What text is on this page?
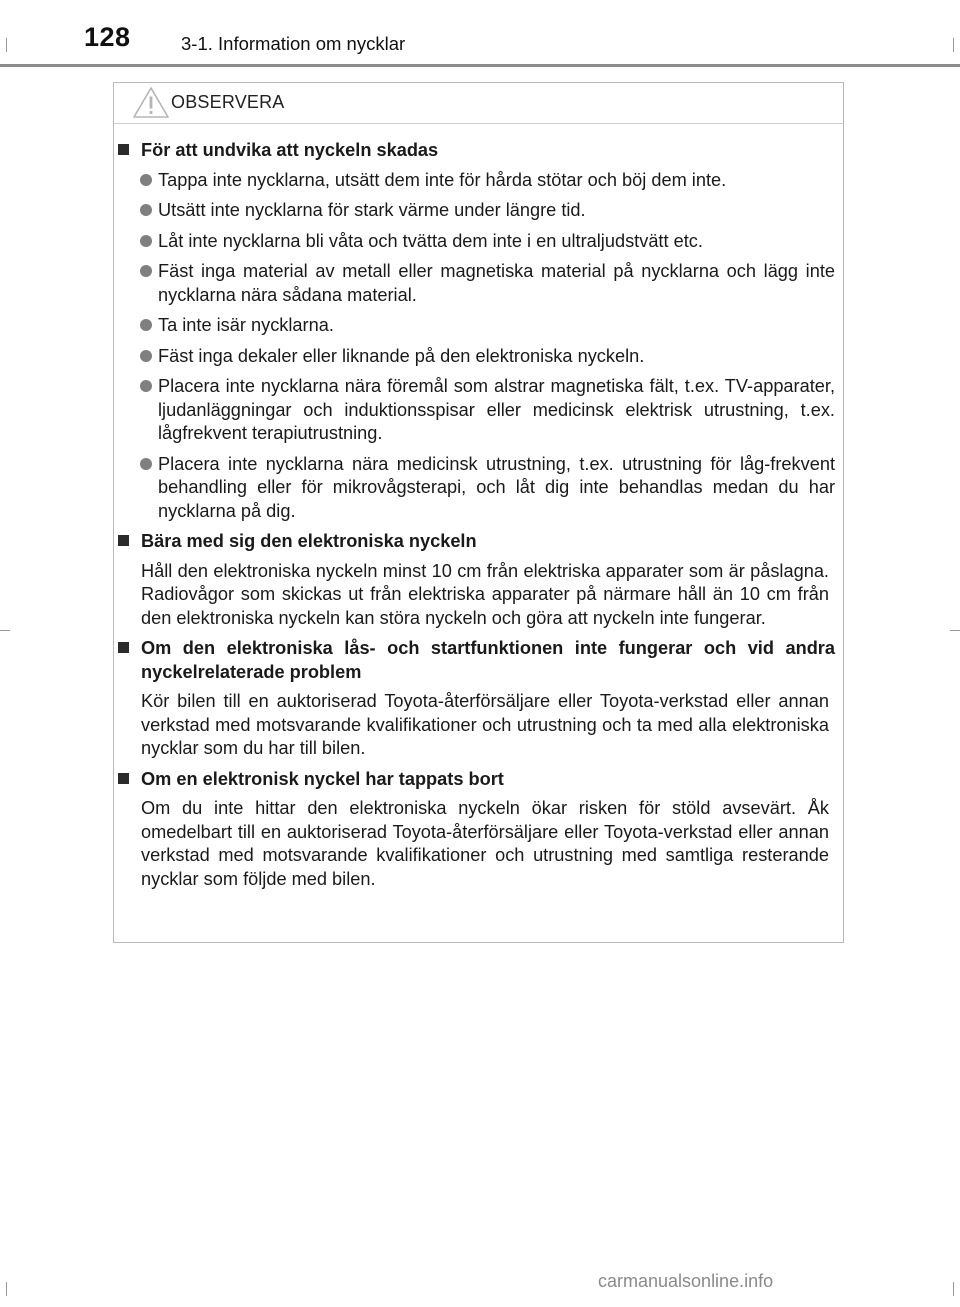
128	3-1. Information om nycklar
OBSERVERA
För att undvika att nyckeln skadas
Tappa inte nycklarna, utsätt dem inte för hårda stötar och böj dem inte.
Utsätt inte nycklarna för stark värme under längre tid.
Låt inte nycklarna bli våta och tvätta dem inte i en ultraljudstvätt etc.
Fäst inga material av metall eller magnetiska material på nycklarna och lägg inte nycklarna nära sådana material.
Ta inte isär nycklarna.
Fäst inga dekaler eller liknande på den elektroniska nyckeln.
Placera inte nycklarna nära föremål som alstrar magnetiska fält, t.ex. TV-apparater, ljudanläggningar och induktionsspisar eller medicinsk elektrisk utrustning, t.ex. lågfrekvent terapiutrustning.
Placera inte nycklarna nära medicinsk utrustning, t.ex. utrustning för låg-frekvent behandling eller för mikrovågsterapi, och låt dig inte behandlas medan du har nycklarna på dig.
Bära med sig den elektroniska nyckeln
Håll den elektroniska nyckeln minst 10 cm från elektriska apparater som är påslagna. Radiovågor som skickas ut från elektriska apparater på närmare håll än 10 cm från den elektroniska nyckeln kan störa nyckeln och göra att nyckeln inte fungerar.
Om den elektroniska lås- och startfunktionen inte fungerar och vid andra nyckelrelaterade problem
Kör bilen till en auktoriserad Toyota-återförsäljare eller Toyota-verkstad eller annan verkstad med motsvarande kvalifikationer och utrustning och ta med alla elektroniska nycklar som du har till bilen.
Om en elektronisk nyckel har tappats bort
Om du inte hittar den elektroniska nyckeln ökar risken för stöld avsevärt. Åk omedelbart till en auktoriserad Toyota-återförsäljare eller Toyota-verkstad eller annan verkstad med motsvarande kvalifikationer och utrustning med samtliga resterande nycklar som följde med bilen.
carmanualsonline.info
